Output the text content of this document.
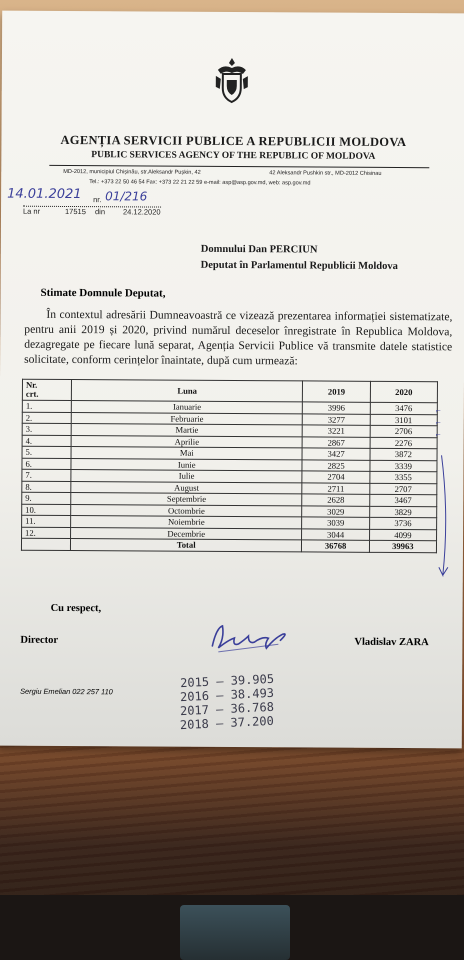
AGENȚIA SERVICII PUBLICE A REPUBLICII MOLDOVA
PUBLIC SERVICES AGENCY OF THE REPUBLIC OF MOLDOVA
MD-2012, municipiul Chișinău, str.Aleksandr Pușkin, 42	42 Aleksandr Pushkin str., MD-2012 Chisinau
Tel.: +373 22 50 46 54 Fax: +373 22 21 22 59 e-mail: asp@asp.gov.md, web: asp.gov.md
14.01.2021 nr. 01/216
La nr	17515 din 24.12.2020
Domnului Dan PERCIUN
Deputat în Parlamentul Republicii Moldova
Stimate Domnule Deputat,
În contextul adresării Dumneavoastră ce vizează prezentarea informației sistematizate, pentru anii 2019 și 2020, privind numărul deceselor înregistrate în Republica Moldova, dezagregate pe fiecare lună separat, Agenția Servicii Publice vă transmite datele statistice solicitate, conform cerințelor înaintate, după cum urmează:
Nr.
crt.	Luna	2019	2020
1.	Ianuarie	3996	3476
2.	Februarie	3277	3101
3.	Martie	3221	2706
4.	Aprilie	2867	2276
5.	Mai	3427	3872
6.	Iunie	2825	3339
7.	Iulie	2704	3355
8.	August	2711	2707
9.	Septembrie	2628	3467
10.	Octombrie	3029	3829
11.	Noiembrie	3039	3736
12.	Decembrie	3044	4099
	Total	36768	39963
Cu respect,
Director	Vladislav ZARA
Sergiu Emelian 022 257 110
2015 – 39.905
2016 – 38.493
2017 – 36.768
2018 – 37.200
⌐
⌐
⌐
